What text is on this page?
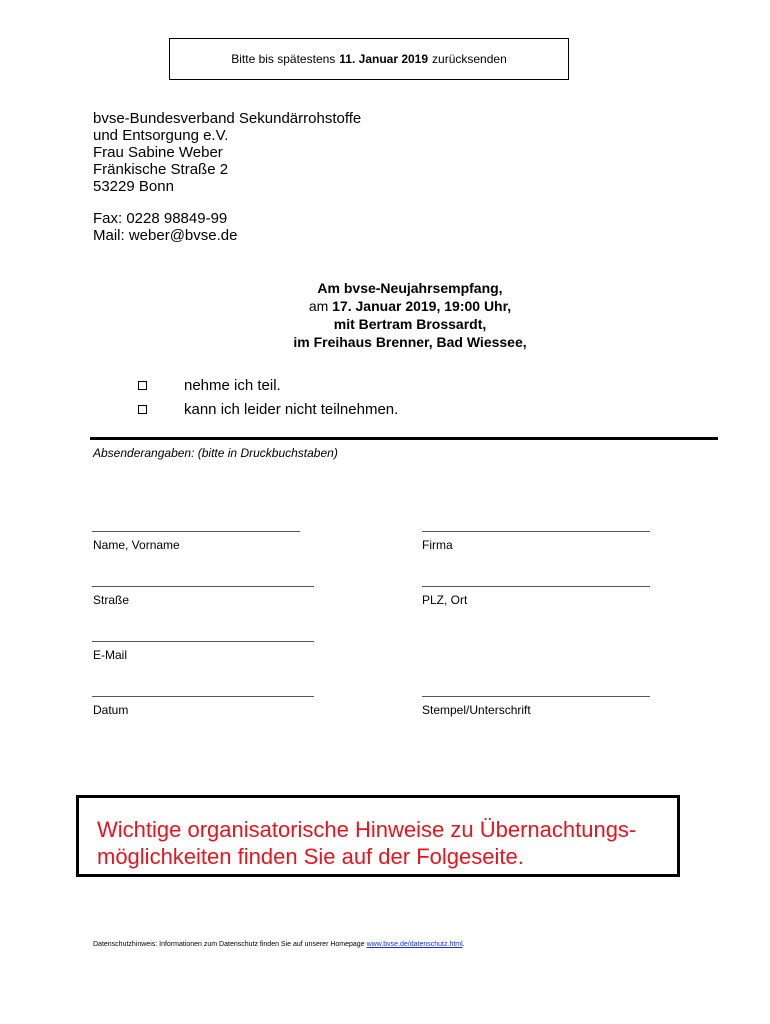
Bitte bis spätestens 11. Januar 2019 zurücksenden
bvse-Bundesverband Sekundärrohstoffe
und Entsorgung e.V.
Frau Sabine Weber
Fränkische Straße 2
53229 Bonn
Fax: 0228 98849-99
Mail: weber@bvse.de
Am bvse-Neujahrsempfang,
am 17. Januar 2019, 19:00 Uhr,
mit Bertram Brossardt,
im Freihaus Brenner, Bad Wiessee,
nehme ich teil.
kann ich leider nicht teilnehmen.
Absenderangaben: (bitte in Druckbuchstaben)
Name, Vorname	Firma
Straße	PLZ, Ort
E-Mail
Datum	Stempel/Unterschrift
Wichtige organisatorische Hinweise zu Übernachtungs-
möglichkeiten finden Sie auf der Folgeseite.
Datenschutzhinweis: Informationen zum Datenschutz finden Sie auf unserer Homepage www.bvse.de/datenschutz.html.
